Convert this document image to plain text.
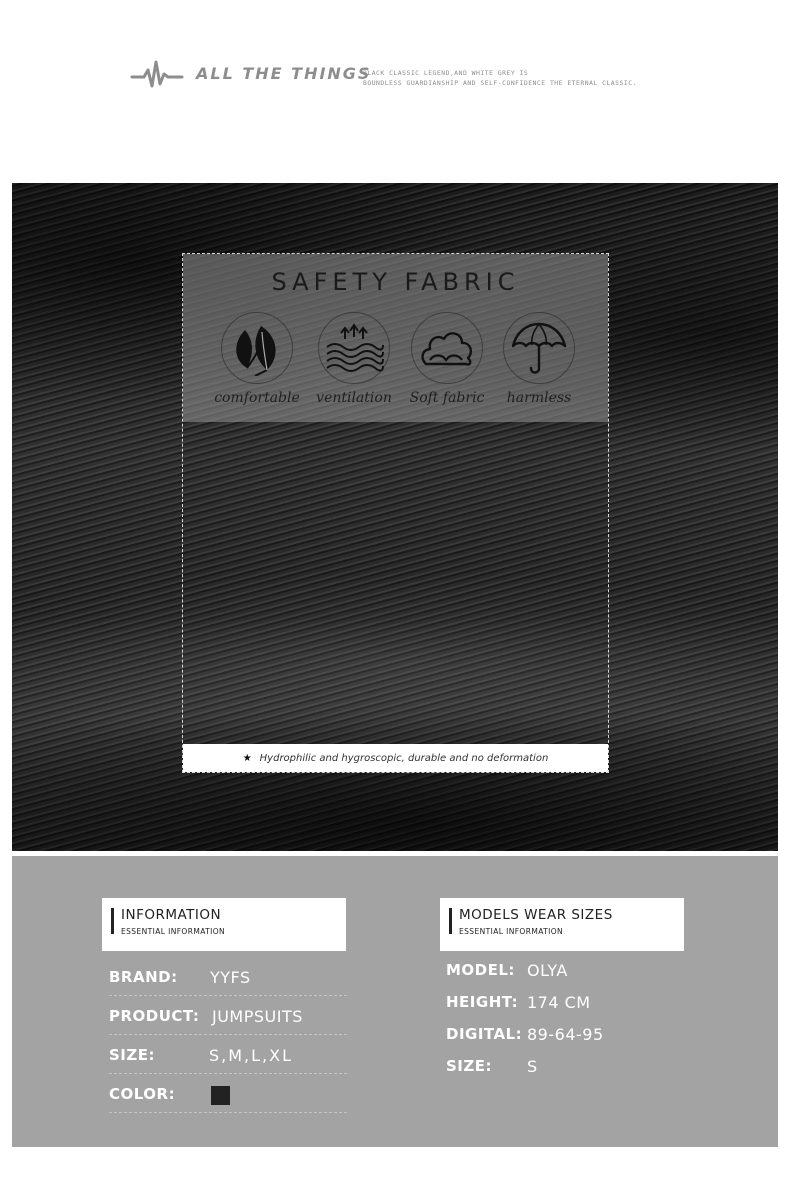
ALL THE THINGS
BLACK CLASSIC LEGEND,AND WHITE GREY IS
BOUNDLESS GUARDIANSHIP AND SELF-CONFIDENCE THE ETERNAL CLASSIC.
SAFETY FABRIC
comfortable	ventilation	Soft fabric	harmless
★ Hydrophilic and hygroscopic, durable and no deformation
INFORMATION
ESSENTIAL INFORMATION
BRAND: YYFS
PRODUCT: JUMPSUITS
SIZE:	S,M,L,XL
COLOR:
MODELS WEAR SIZES
ESSENTIAL INFORMATION
MODEL: OLYA
HEIGHT: 174 CM
DIGITAL: 89-64-95
SIZE: S
